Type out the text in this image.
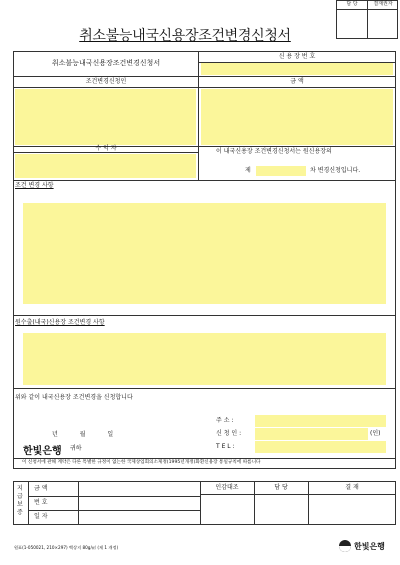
담 당	결재권자
취소불능내국신용장조건변경신청서
취소불능내국신용장조건변경신청서
신 용 장 번 호
조건변경신청인	금 액
수 익 자	이 내국신용장 조건변경신청서는 원신용장의
제	차 변경신청입니다.
조건 변경 사항
원수출(내국)신용장 조건변경 사항
위와 같이 내국신용장 조건변경을 신청합니다
주 소 :
신 청 인 :	(인)
T E L :
년 월 일
한빛은행 귀하
이 신청서에 관해 계약은 다른 특별한 규정이 없는한 국제상업회의소제정(1995년개정)화환신용장 통일규칙에 따릅니다
지급보증
금 액
번 호
일 자
인감대조	담 당	결 재
원표(1-050021, 210×297) 백상지 80g/㎡ (제 1 개정)	한빛은행
